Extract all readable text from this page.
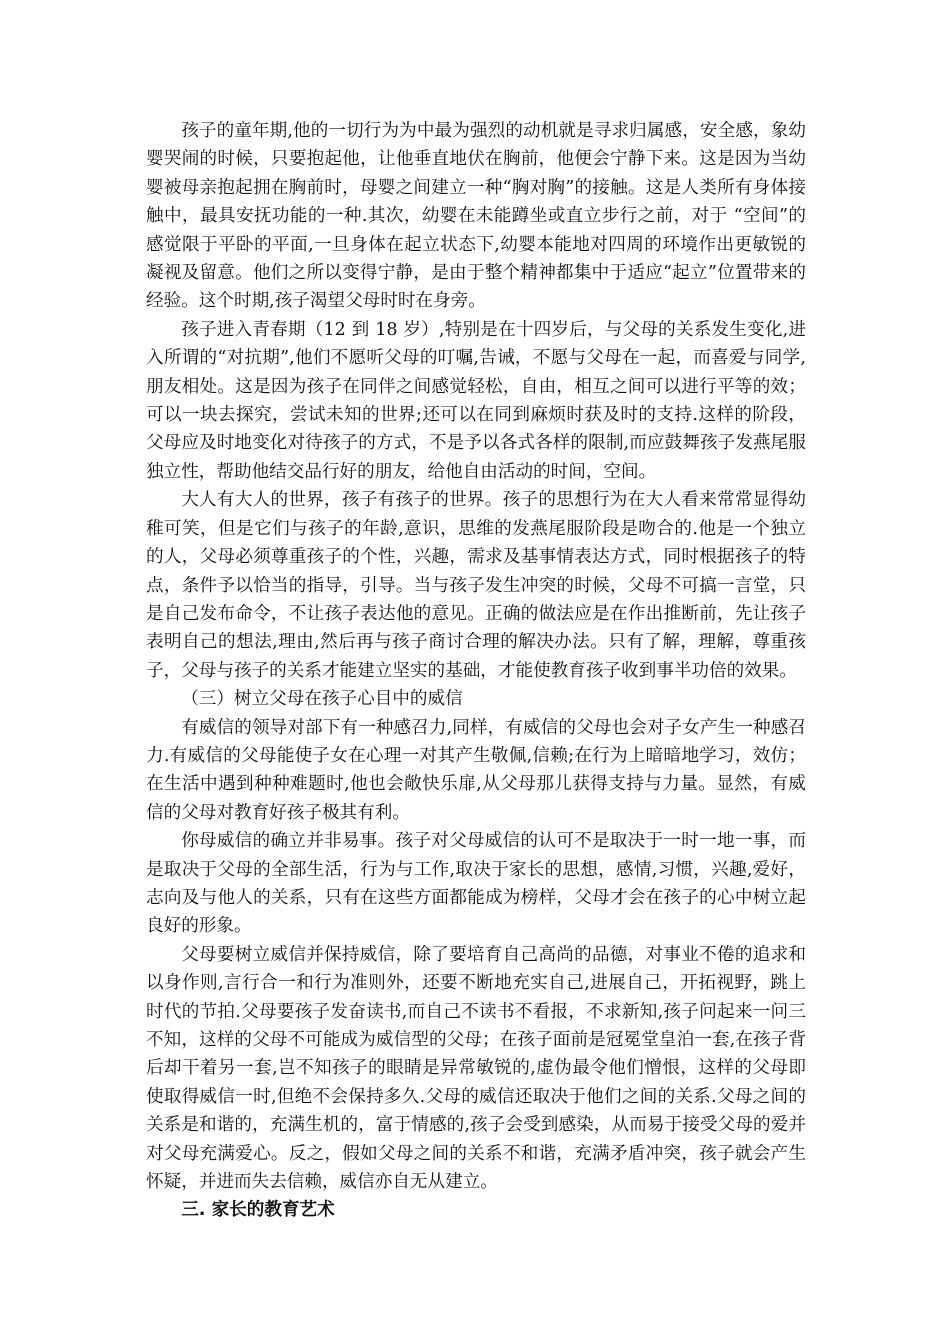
孩子的童年期,他的一切行为为中最为强烈的动机就是寻求归属感，安全感，象幼婴哭闹的时候，只要抱起他，让他垂直地伏在胸前，他便会宁静下来。这是因为当幼婴被母亲抱起拥在胸前时，母婴之间建立一种“胸对胸”的接触。这是人类所有身体接触中，最具安抚功能的一种.其次，幼婴在未能蹲坐或直立步行之前，对于 “空间”的感觉限于平卧的平面,一旦身体在起立状态下,幼婴本能地对四周的环境作出更敏锐的凝视及留意。他们之所以变得宁静，是由于整个精神都集中于适应“起立”位置带来的经验。这个时期,孩子渴望父母时时在身旁。

孩子进入青春期（12 到 18 岁）,特别是在十四岁后，与父母的关系发生变化,进入所谓的“对抗期”,他们不愿听父母的叮嘱,告诫，不愿与父母在一起，而喜爱与同学,朋友相处。这是因为孩子在同伴之间感觉轻松，自由，相互之间可以进行平等的效；可以一块去探究，尝试未知的世界;还可以在同到麻烦时获及时的支持.这样的阶段，父母应及时地变化对待孩子的方式，不是予以各式各样的限制,而应鼓舞孩子发燕尾服独立性，帮助他结交品行好的朋友，给他自由活动的时间，空间。

大人有大人的世界，孩子有孩子的世界。孩子的思想行为在大人看来常常显得幼稚可笑，但是它们与孩子的年龄,意识，思维的发燕尾服阶段是吻合的.他是一个独立的人，父母必须尊重孩子的个性，兴趣，需求及基事情表达方式，同时根据孩子的特点，条件予以恰当的指导，引导。当与孩子发生冲突的时候，父母不可搞一言堂，只是自己发布命令，不让孩子表达他的意见。正确的做法应是在作出推断前，先让孩子表明自己的想法,理由,然后再与孩子商讨合理的解决办法。只有了解，理解，尊重孩子，父母与孩子的关系才能建立坚实的基础，才能使教育孩子收到事半功倍的效果。

（三）树立父母在孩子心目中的威信

有威信的领导对部下有一种感召力,同样，有威信的父母也会对子女产生一种感召力.有威信的父母能使子女在心理一对其产生敬佩,信赖;在行为上暗暗地学习，效仿；在生活中遇到种种难题时,他也会敞快乐扉,从父母那儿获得支持与力量。显然，有威信的父母对教育好孩子极其有利。

你母威信的确立并非易事。孩子对父母威信的认可不是取决于一时一地一事，而是取决于父母的全部生活，行为与工作,取决于家长的思想，感情,习惯，兴趣,爱好，志向及与他人的关系，只有在这些方面都能成为榜样，父母才会在孩子的心中树立起良好的形象。

父母要树立威信并保持威信，除了要培育自己高尚的品德，对事业不倦的追求和以身作则,言行合一和行为准则外，还要不断地充实自己,进展自己，开拓视野，跳上时代的节拍.父母要孩子发奋读书,而自己不读书不看报，不求新知,孩子问起来一问三不知，这样的父母不可能成为威信型的父母；在孩子面前是冠冕堂皇泊一套,在孩子背后却干着另一套,岂不知孩子的眼睛是异常敏锐的,虚伪最令他们憎恨，这样的父母即使取得威信一时,但绝不会保持多久.父母的威信还取决于他们之间的关系.父母之间的关系是和谐的，充满生机的，富于情感的,孩子会受到感染，从而易于接受父母的爱并对父母充满爱心。反之，假如父母之间的关系不和谐，充满矛盾冲突，孩子就会产生怀疑，并进而失去信赖，威信亦自无从建立。

三. 家长的教育艺术
